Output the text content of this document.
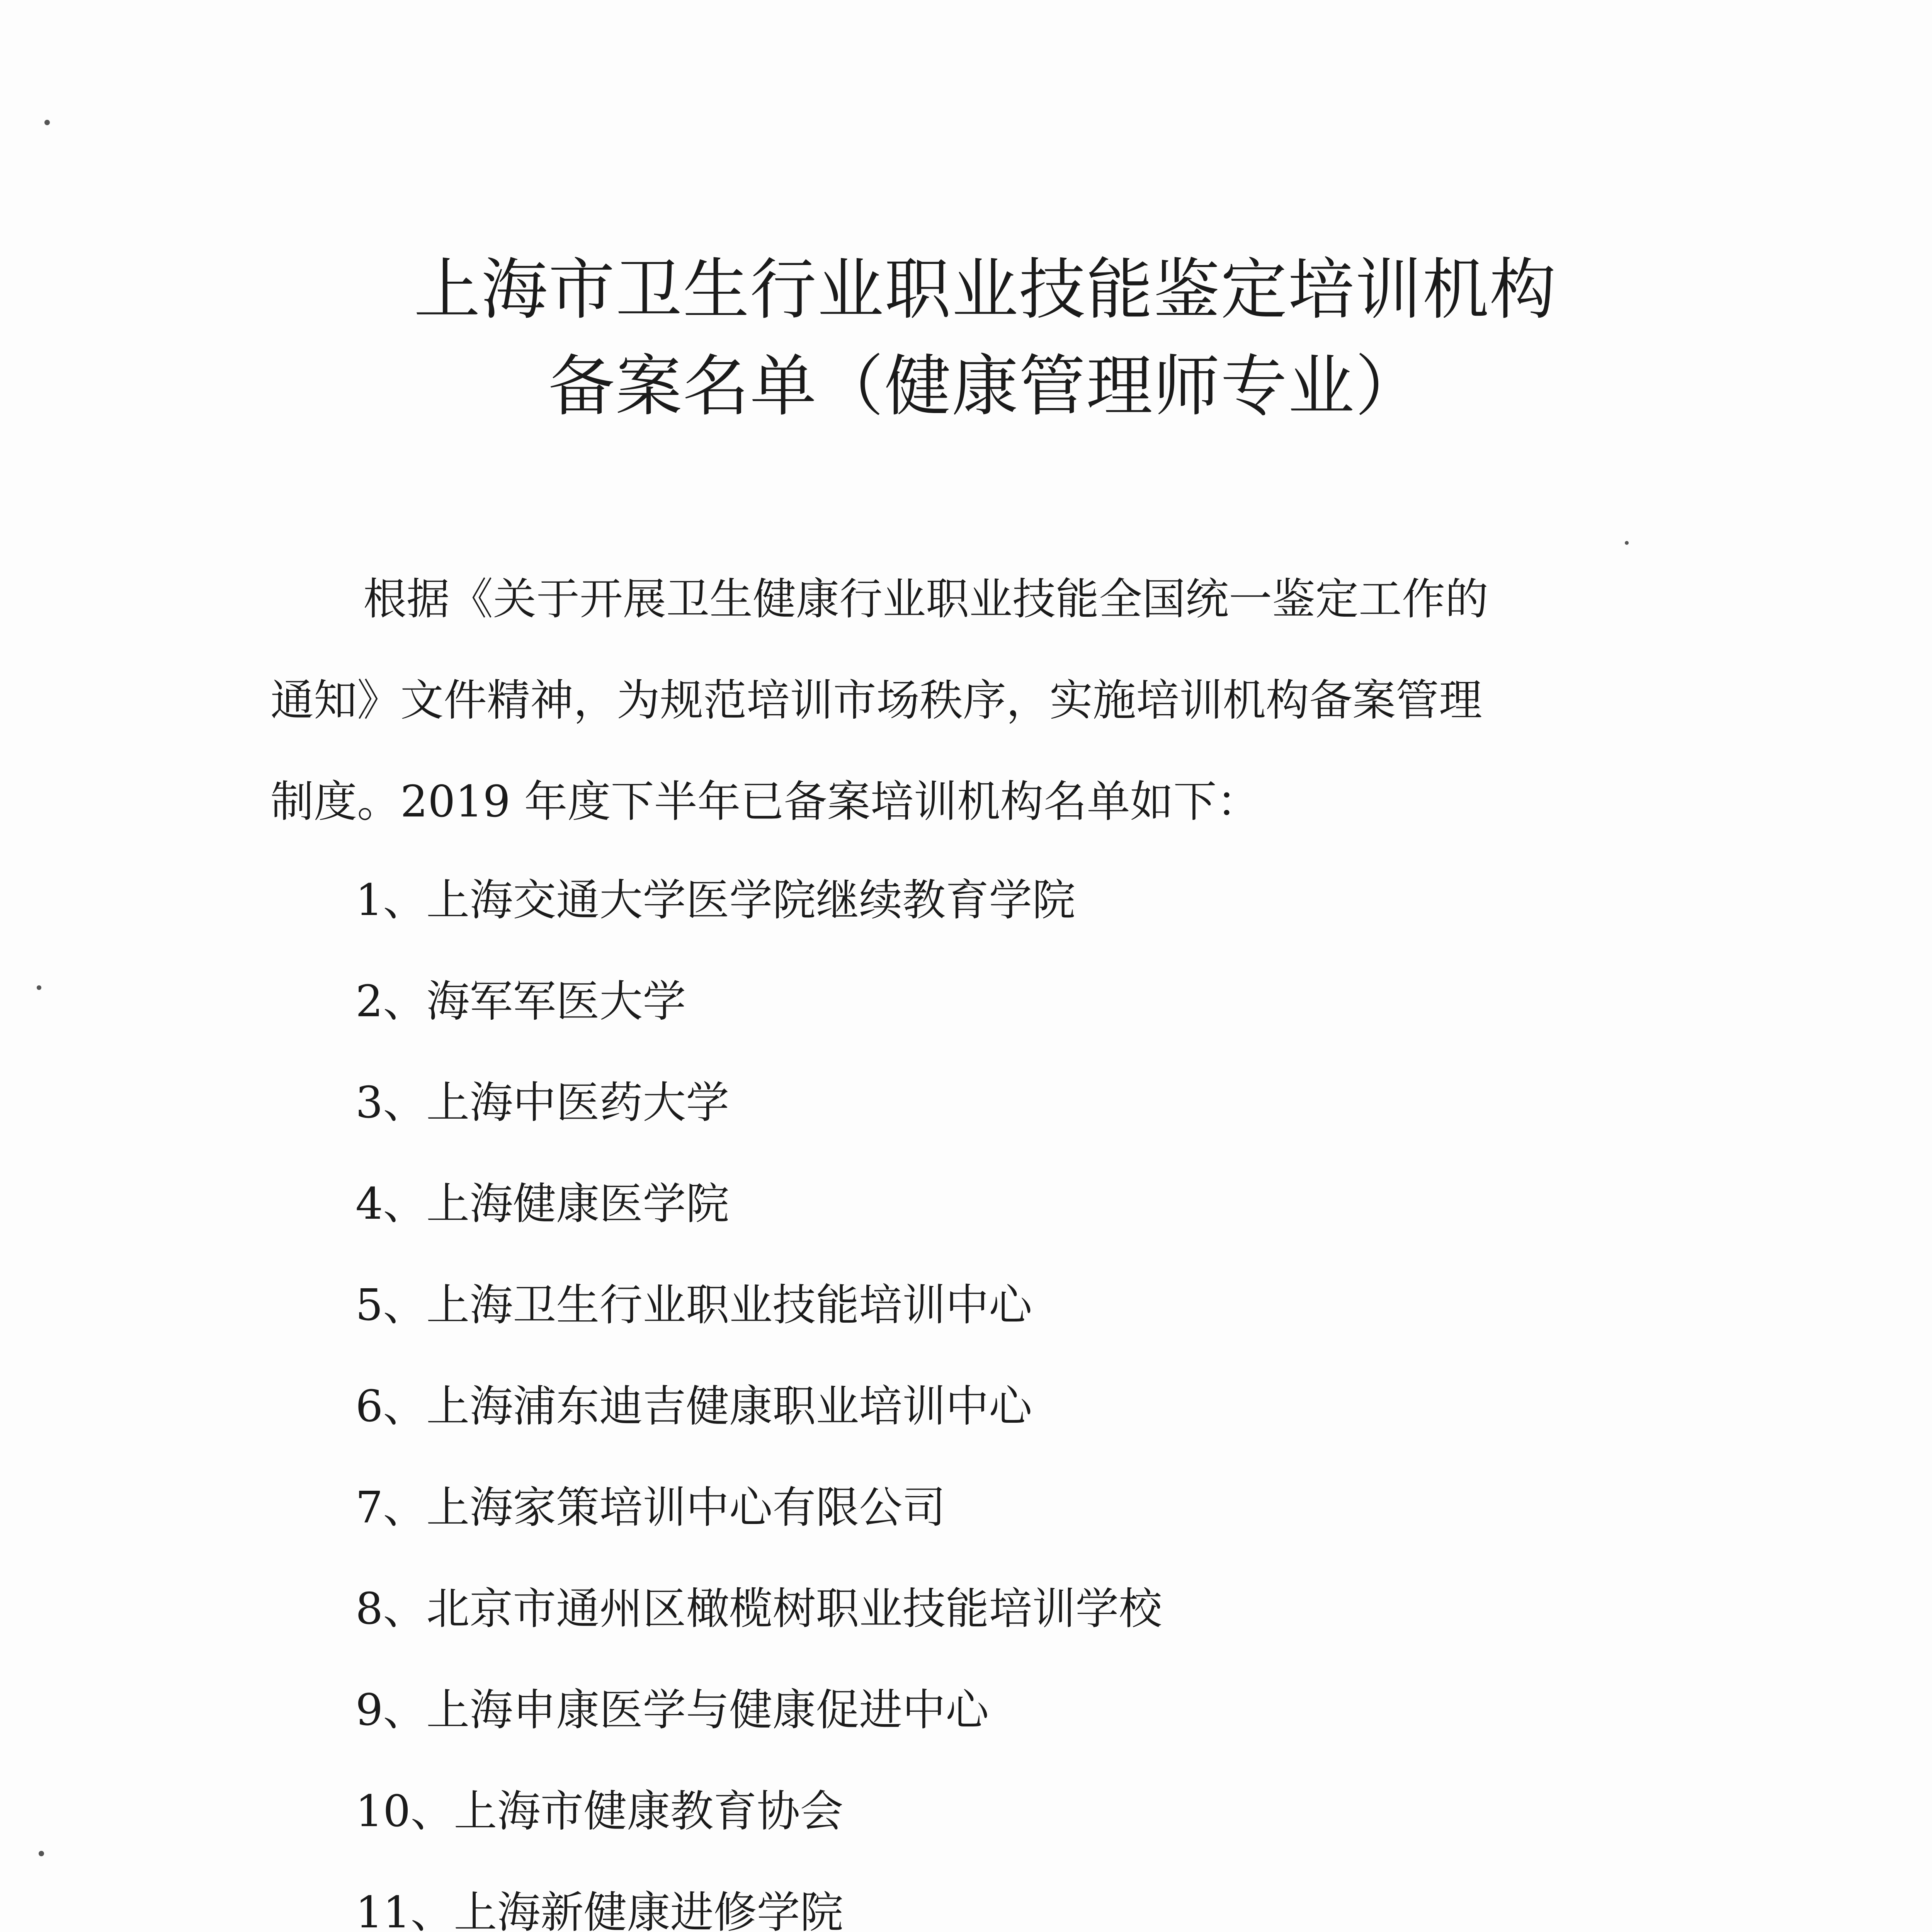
上海市卫生行业职业技能鉴定培训机构
备案名单（健康管理师专业）
根据《关于开展卫生健康行业职业技能全国统一鉴定工作的
通知》文件精神，为规范培训市场秩序，实施培训机构备案管理
制度。2019 年度下半年已备案培训机构名单如下：
1、上海交通大学医学院继续教育学院
2、海军军医大学
3、上海中医药大学
4、上海健康医学院
5、上海卫生行业职业技能培训中心
6、上海浦东迪吉健康职业培训中心
7、上海家策培训中心有限公司
8、北京市通州区橄榄树职业技能培训学校
9、上海申康医学与健康促进中心
10、上海市健康教育协会
11、上海新健康进修学院
